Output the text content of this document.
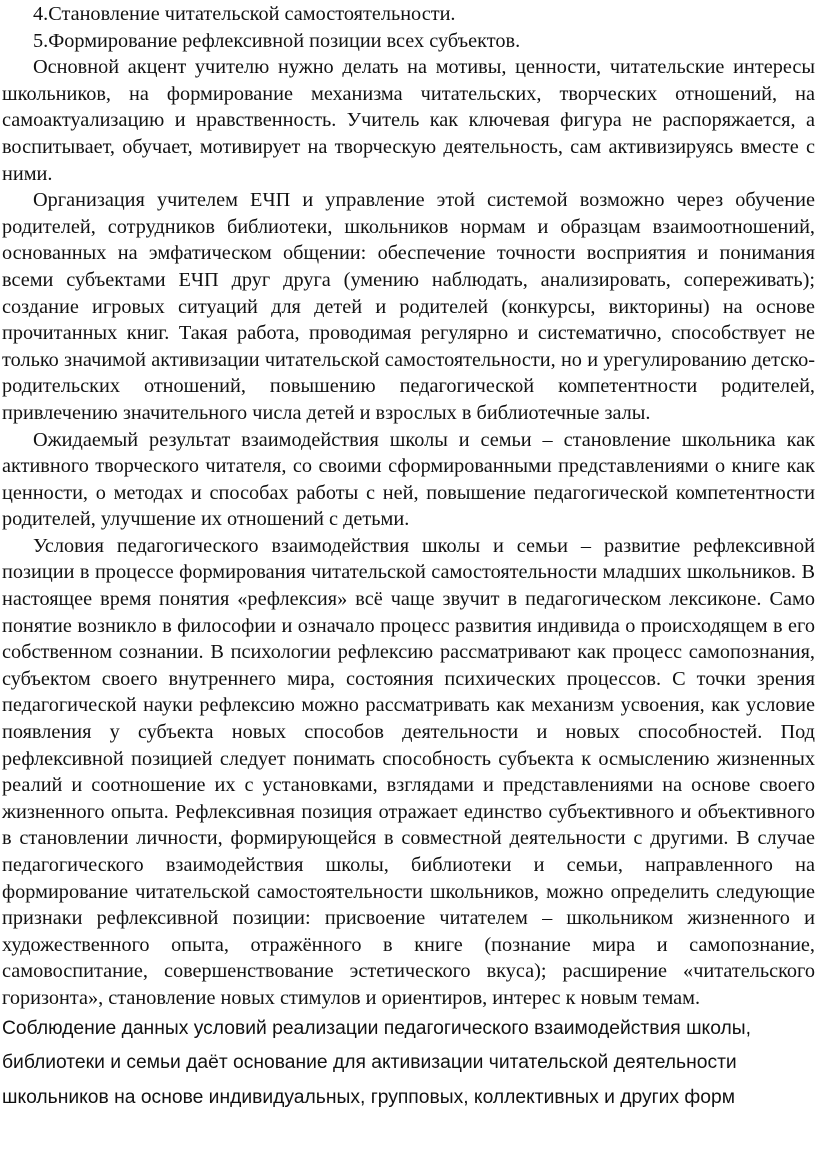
4.Становление читательской самостоятельности.

5.Формирование рефлексивной позиции всех субъектов.

Основной акцент учителю нужно делать на мотивы, ценности, читательские интересы школьников, на формирование механизма читательских, творческих отношений, на самоактуализацию и нравственность. Учитель как ключевая фигура не распоряжается, а воспитывает, обучает, мотивирует на творческую деятельность, сам активизируясь вместе с ними.

Организация учителем ЕЧП и управление этой системой возможно через обучение родителей, сотрудников библиотеки, школьников нормам и образцам взаимоотношений, основанных на эмфатическом общении: обеспечение точности восприятия и понимания всеми субъектами ЕЧП друг друга (умению наблюдать, анализировать, сопереживать); создание игровых ситуаций для детей и родителей (конкурсы, викторины) на основе прочитанных книг. Такая работа, проводимая регулярно и систематично, способствует не только значимой активизации читательской самостоятельности, но и урегулированию детско-родительских отношений, повышению педагогической компетентности родителей, привлечению значительного числа детей и взрослых в библиотечные залы.

Ожидаемый результат взаимодействия школы и семьи – становление школьника как активного творческого читателя, со своими сформированными представлениями о книге как ценности, о методах и способах работы с ней, повышение педагогической компетентности родителей, улучшение их отношений с детьми.

Условия педагогического взаимодействия школы и семьи – развитие рефлексивной позиции в процессе формирования читательской самостоятельности младших школьников. В настоящее время понятия «рефлексия» всё чаще звучит в педагогическом лексиконе. Само понятие возникло в философии и означало процесс развития индивида о происходящем в его собственном сознании. В психологии рефлексию рассматривают как процесс самопознания, субъектом своего внутреннего мира, состояния психических процессов. С точки зрения педагогической науки рефлексию можно рассматривать как механизм усвоения, как условие появления у субъекта новых способов деятельности и новых способностей. Под рефлексивной позицией следует понимать способность субъекта к осмыслению жизненных реалий и соотношение их с установками, взглядами и представлениями на основе своего жизненного опыта. Рефлексивная позиция отражает единство субъективного и объективного в становлении личности, формирующейся в совместной деятельности с другими. В случае педагогического взаимодействия школы, библиотеки и семьи, направленного на формирование читательской самостоятельности школьников, можно определить следующие признаки рефлексивной позиции: присвоение читателем – школьником жизненного и художественного опыта, отражённого в книге (познание мира и самопознание, самовоспитание, совершенствование эстетического вкуса); расширение «читательского горизонта», становление новых стимулов и ориентиров, интерес к новым темам.

Соблюдение данных условий реализации педагогического взаимодействия школы, библиотеки и семьи даёт основание для активизации читательской деятельности школьников на основе индивидуальных, групповых, коллективных и других форм
